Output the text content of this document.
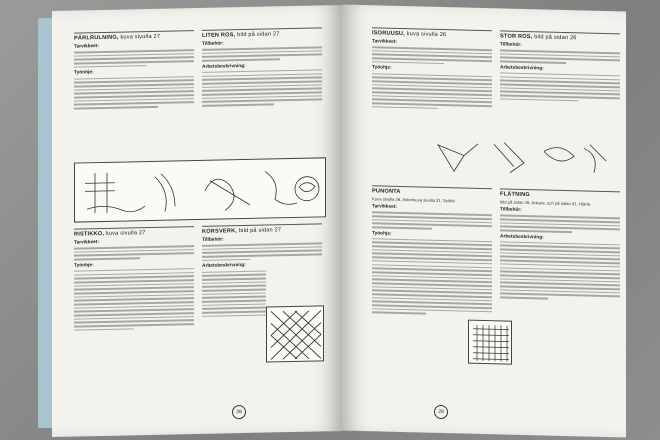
PÄRLRULNING, kuva sivulla 27
Tarvikkeet:
Työohje:
RISTIKKO, kuva sivulla 27
Tarvikkeet:
Työohje:
LITEN ROS, bild på sidan 27
Tillbehör:
Arbetsbeskrivning:
KORSVERK, bild på sidan 27
Tillbehör:
Arbetsbeskrivning:
28
ISORUUSU, kuva sivulla 26
Tarvikkeet:
Työohje:
PUNONTA
Kuva sivulla 26, Ankerkuva sivulla 31, Syöttö
Tarvikkeet:
Työohje:
STOR ROS, bild på sidan 26
Tillbehör:
Arbetsbeskrivning:
FLÄTNING
bild på sidan 26, Ankare, och på sidan 31, Hjärta
Tillbehör:
Arbetsbeskrivning:
29
